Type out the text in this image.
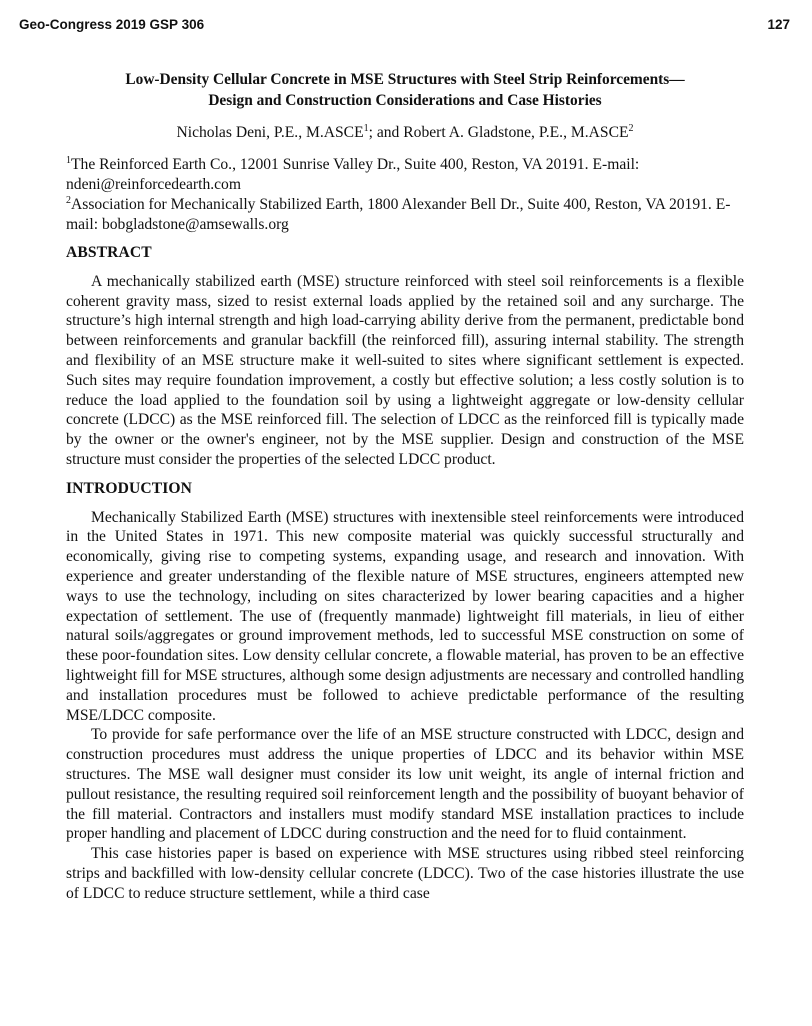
Geo-Congress 2019 GSP 306	127
Low-Density Cellular Concrete in MSE Structures with Steel Strip Reinforcements—
Design and Construction Considerations and Case Histories
Nicholas Deni, P.E., M.ASCE$^1$; and Robert A. Gladstone, P.E., M.ASCE$^2$

$^1$The Reinforced Earth Co., 12001 Sunrise Valley Dr., Suite 400, Reston, VA 20191. E-mail: ndeni@reinforcedearth.com

$^2$Association for Mechanically Stabilized Earth, 1800 Alexander Bell Dr., Suite 400, Reston, VA 20191. E-mail: bobgladstone@amsewalls.org

ABSTRACT

A mechanically stabilized earth (MSE) structure reinforced with steel soil reinforcements is a flexible coherent gravity mass, sized to resist external loads applied by the retained soil and any surcharge. The structure’s high internal strength and high load-carrying ability derive from the permanent, predictable bond between reinforcements and granular backfill (the reinforced fill), assuring internal stability. The strength and flexibility of an MSE structure make it well-suited to sites where significant settlement is expected. Such sites may require foundation improvement, a costly but effective solution; a less costly solution is to reduce the load applied to the foundation soil by using a lightweight aggregate or low-density cellular concrete (LDCC) as the MSE reinforced fill. The selection of LDCC as the reinforced fill is typically made by the owner or the owner's engineer, not by the MSE supplier. Design and construction of the MSE structure must consider the properties of the selected LDCC product.

INTRODUCTION

Mechanically Stabilized Earth (MSE) structures with inextensible steel reinforcements were introduced in the United States in 1971. This new composite material was quickly successful structurally and economically, giving rise to competing systems, expanding usage, and research and innovation. With experience and greater understanding of the flexible nature of MSE structures, engineers attempted new ways to use the technology, including on sites characterized by lower bearing capacities and a higher expectation of settlement. The use of (frequently manmade) lightweight fill materials, in lieu of either natural soils/aggregates or ground improvement methods, led to successful MSE construction on some of these poor-foundation sites. Low density cellular concrete, a flowable material, has proven to be an effective lightweight fill for MSE structures, although some design adjustments are necessary and controlled handling and installation procedures must be followed to achieve predictable performance of the resulting MSE/LDCC composite.

To provide for safe performance over the life of an MSE structure constructed with LDCC, design and construction procedures must address the unique properties of LDCC and its behavior within MSE structures. The MSE wall designer must consider its low unit weight, its angle of internal friction and pullout resistance, the resulting required soil reinforcement length and the possibility of buoyant behavior of the fill material. Contractors and installers must modify standard MSE installation practices to include proper handling and placement of LDCC during construction and the need for to fluid containment.

This case histories paper is based on experience with MSE structures using ribbed steel reinforcing strips and backfilled with low-density cellular concrete (LDCC). Two of the case histories illustrate the use of LDCC to reduce structure settlement, while a third case
